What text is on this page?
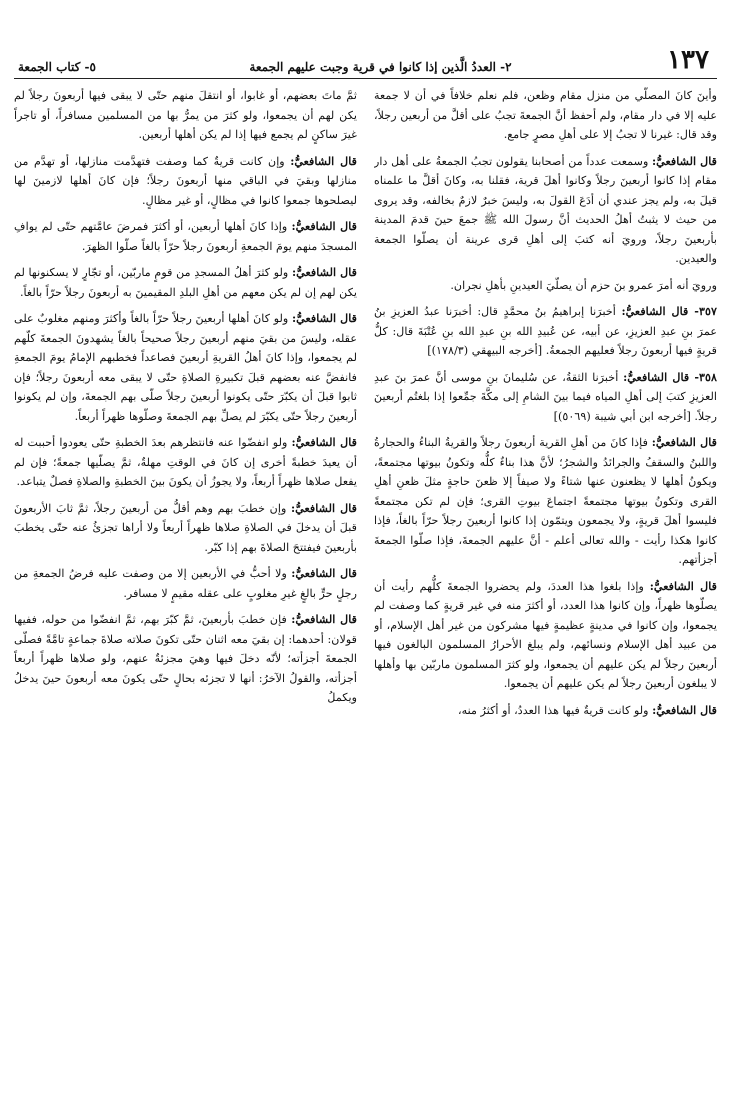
١٣٧
٢- العددُ الَّذين إذا كانوا في قرية وجبت عليهم الجمعة
٥- كتاب الجمعة

وأينَ كانَ المصلّي من منزل مقام وظعن، فلم نعلم خلافاً في أن لا جمعة عليه إلا في دار مقام، ولم أحفظ أنَّ الجمعةَ تجبُ على أقلَّ من أربعين رجلاً، وقد قال: غيرنا لا تجبُ إلا على أهلِ مصرٍ جامع.

قال الشافعيُّ: وسمعت عدداً من أصحابنا يقولون تجبُ الجمعةُ على أهل دار مقام إذا كانوا أربعينَ رجلاً وكانوا أهلَ قرية، فقلنا به، وكانَ أقلَّ ما علمناه قيلَ به، ولم يجز عندي أن أدَعَ القولَ به، وليسَ خبرٌ لازمٌ بخالفه، وقد يروى من حيث لا يثبتُ أهلُ الحديث أنَّ رسولَ الله ﷺ جمعَ حينَ قدمَ المدينة بأربعينَ رجلاً، ورويَ أنه كتبَ إلى أهلِ قرى عرينة أن يصلّوا الجمعة والعيدين.

ورويَ أنه أمرَ عمرو بنَ حزم أن يصلّيَ العيدينِ بأهلِ نجران.

٣٥٧- قال الشافعيُّ: أخبرَنا إبراهيمُ بنُ محمَّدٍ قال: أخبرَنا عبدُ العزيزِ بنُ عمرَ بنِ عبدِ العزيزِ، عن أبيه، عن عُبيدِ الله بنِ عبدِ الله بنِ عُتْبَةَ قال: كلُّ قريةٍ فيها أربعونَ رجلاً فعليهم الجمعةُ. [أخرجه البيهقي (١٧٨/٣)]

٣٥٨- قال الشافعيُّ: أخبرَنا الثقةُ، عن سُليمانَ بنِ موسى أنَّ عمرَ بنَ عبدِ العزيزِ كتبَ إلى أهلِ المياه فيما بينَ الشامِ إلى مكَّةَ جمِّعوا إذا بلغتُم أربعينَ رجلاً. [أخرجه ابن أبي شيبة (٥٠٦٩)]

قال الشافعيُّ: فإذا كانَ من أهلِ القرية أربعونَ رجلاً والقريةُ البناءُ والحجارةُ واللبنُ والسقفُ والجرائدُ والشجرُ؛ لأنَّ هذا بناءٌ كلُّه وتكونُ بيوتها مجتمعةً، ويكونُ أهلها لا يظعنون عنها شتاءً ولا صيفاً إلا ظعنَ حاجةٍ مثلَ ظعنِ أهلِ القرى وتكونُ بيوتها مجتمعةً اجتماعَ بيوتِ القرى؛ فإن لم تكن مجتمعةً فليسوا أهلَ قريةٍ، ولا يجمعون ويتمّون إذا كانوا أربعينَ رجلاً حرّاً بالغاً، فإذا كانوا هكذا رأيت - والله تعالى أعلم - أنَّ عليهم الجمعةَ، فإذا صلّوا الجمعةَ أجزأتهم.

قال الشافعيُّ: وإذا بلغوا هذا العددَ، ولم يحضروا الجمعةَ كلُّهم رأيت أن يصلّوها ظهراً، وإن كانوا هذا العدد، أو أكثرَ منه في غير قريةٍ كما وصفت لم يجمعوا، وإن كانوا في مدينةٍ عظيمةٍ فيها مشركون من غير أهل الإسلام، أو من عبيد أهل الإسلام ونسائهم، ولم يبلغ الأحرارُ المسلمون البالغون فيها أربعينَ رجلاً لم يكن عليهم أن يجمعوا، ولو كثرَ المسلمون ماربّين بها وأهلها لا يبلغون أربعينَ رجلاً لم يكن عليهم أن يجمعوا.

قال الشافعيُّ: ولو كانت قريةٌ فيها هذا العددُ، أو أكثرُ منه،

ثمَّ ماتَ بعضهم، أو غابوا، أو انتقلَ منهم حتّى لا يبقى فيها أربعونَ رجلاً لم يكن لهم أن يجمعوا، ولو كثرَ من يمرُّ بها من المسلمين مسافراً، أو تاجراً غيرَ ساكنٍ لم يجمع فيها إذا لم يكن أهلها أربعين.

قال الشافعيُّ: وإن كانت قريةٌ كما وصفت فتهدَّمت منازلها، أو تهدَّم من منازلها وبقيَ في الباقي منها أربعونَ رجلاً؛ فإن كانَ أهلها لازمينَ لها ليصلحوها جمعوا كانوا في مظالٍ، أو غير مظالٍ.

قال الشافعيُّ: وإذا كانَ أهلها أربعين، أو أكثرَ فمرضَ عامَّتهم حتّى لم يوافِ المسجدَ منهم يومَ الجمعةِ أربعونَ رجلاً حرّاً بالغاً صلّوا الظهرَ.

قال الشافعيُّ: ولو كثرَ أهلُ المسجدِ من قومٍ ماربّين، أو تجّارٍ لا يسكنونها لم يكن لهم إن لم يكن معهم من أهلِ البلدِ المقيمينَ به أربعونَ رجلاً حرّاً بالغاً.

قال الشافعيُّ: ولو كانَ أهلها أربعينَ رجلاً حرّاً بالغاً وأكثرَ ومنهم مغلوبٌ على عقله، وليسَ من بقيَ منهم أربعينَ رجلاً صحيحاً بالغاً يشهدونَ الجمعةَ كلّهم لم يجمعوا، وإذا كانَ أهلُ القريةِ أربعينَ فصاعداً فخطبهم الإمامُ يومَ الجمعةِ فانفضَّ عنه بعضهم قبلَ تكبيرةِ الصلاةِ حتّى لا يبقى معه أربعونَ رجلاً؛ فإن ثابوا قبلَ أن يكبّرَ حتّى يكونوا أربعينَ رجلاً صلّى بهم الجمعةَ، وإن لم يكونوا أربعينَ رجلاً حتّى يكبّرَ لم يصلِّ بهم الجمعةَ وصلّوها ظهراً أربعاً.

قال الشافعيُّ: ولو انفضّوا عنه فانتظرهم بعدَ الخطبةِ حتّى يعودوا أحببت له أن يعيدَ خطبةً أخرى إن كانَ في الوقتِ مهلةٌ، ثمَّ يصلّيها جمعةً؛ فإن لم يفعل صلاها ظهراً أربعاً، ولا يجوزُ أن يكونَ بينَ الخطبةِ والصلاةِ فصلٌ يتباعد.

قال الشافعيُّ: وإن خطبَ بهم وهم أقلُّ من أربعينَ رجلاً، ثمَّ ثابَ الأربعونَ قبلَ أن يدخلَ في الصلاةِ صلاها ظهراً أربعاً ولا أراها تجزئُ عنه حتّى يخطبَ بأربعينَ فيفتتحَ الصلاةَ بهم إذا كبّر.

قال الشافعيُّ: ولا أحبُّ في الأربعين إلا من وصفت عليه فرضُ الجمعةِ من رجلٍ حرٍّ بالغٍ غيرِ مغلوبٍ على عقله مقيمٍ لا مسافر.

قال الشافعيُّ: فإن خطبَ بأربعينَ، ثمَّ كبّرَ بهم، ثمَّ انفضّوا من حوله، ففيها قولان: أحدهما: إن بقيَ معه اثنان حتّى تكونَ صلاته صلاةَ جماعةٍ تامَّةً فصلّى الجمعةَ أجزأته؛ لأنّه دخلَ فيها وهيَ مجزئةٌ عنهم، ولو صلاها ظهراً أربعاً أجزأته، والقولُ الآخرُ: أنها لا تجزئه بحالٍ حتّى يكونَ معه أربعونَ حينَ يدخلُ ويكملُ
